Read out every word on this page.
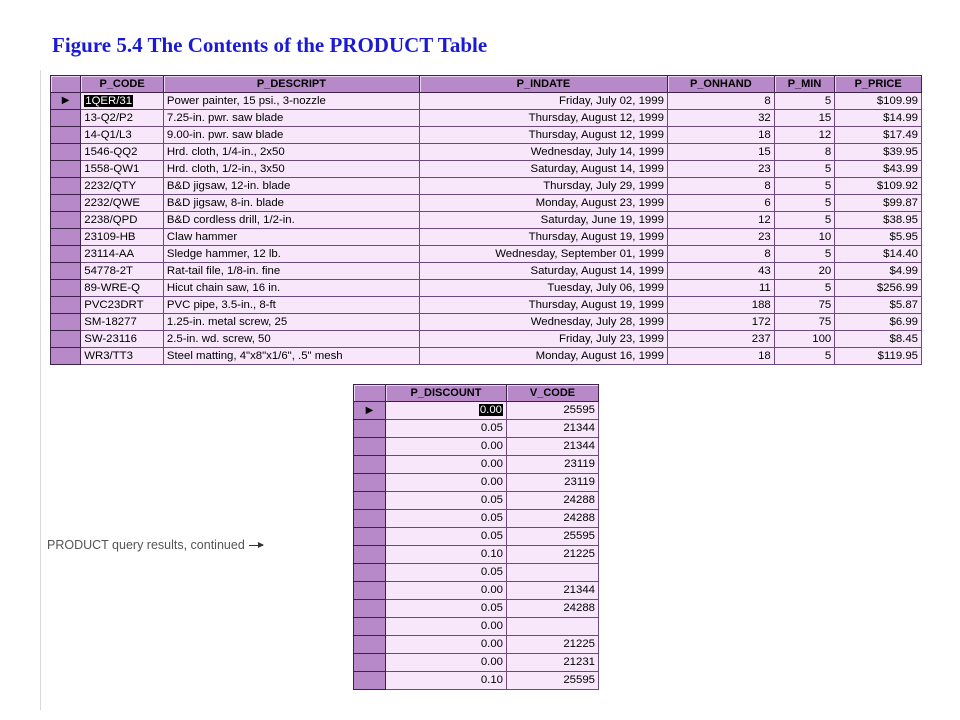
Figure 5.4 The Contents of the PRODUCT Table
	P_CODE	P_DESCRIPT	P_INDATE	P_ONHAND	P_MIN	P_PRICE
▶	1QER/31	Power painter, 15 psi., 3-nozzle	Friday, July 02, 1999	8	5	$109.99
	13-Q2/P2	7.25-in. pwr. saw blade	Thursday, August 12, 1999	32	15	$14.99
	14-Q1/L3	9.00-in. pwr. saw blade	Thursday, August 12, 1999	18	12	$17.49
	1546-QQ2	Hrd. cloth, 1/4-in., 2x50	Wednesday, July 14, 1999	15	8	$39.95
	1558-QW1	Hrd. cloth, 1/2-in., 3x50	Saturday, August 14, 1999	23	5	$43.99
	2232/QTY	B&D jigsaw, 12-in. blade	Thursday, July 29, 1999	8	5	$109.92
	2232/QWE	B&D jigsaw, 8-in. blade	Monday, August 23, 1999	6	5	$99.87
	2238/QPD	B&D cordless drill, 1/2-in.	Saturday, June 19, 1999	12	5	$38.95
	23109-HB	Claw hammer	Thursday, August 19, 1999	23	10	$5.95
	23114-AA	Sledge hammer, 12 lb.	Wednesday, September 01, 1999	8	5	$14.40
	54778-2T	Rat-tail file, 1/8-in. fine	Saturday, August 14, 1999	43	20	$4.99
	89-WRE-Q	Hicut chain saw, 16 in.	Tuesday, July 06, 1999	11	5	$256.99
	PVC23DRT	PVC pipe, 3.5-in., 8-ft	Thursday, August 19, 1999	188	75	$5.87
	SM-18277	1.25-in. metal screw, 25	Wednesday, July 28, 1999	172	75	$6.99
	SW-23116	2.5-in. wd. screw, 50	Friday, July 23, 1999	237	100	$8.45
	WR3/TT3	Steel matting, 4"x8"x1/6", .5" mesh	Monday, August 16, 1999	18	5	$119.95
PRODUCT query results, continued
	P_DISCOUNT	V_CODE
▶	0.00	25595
	0.05	21344
	0.00	21344
	0.00	23119
	0.00	23119
	0.05	24288
	0.05	24288
	0.05	25595
	0.10	21225
	0.05	
	0.00	21344
	0.05	24288
	0.00	
	0.00	21225
	0.00	21231
	0.10	25595
